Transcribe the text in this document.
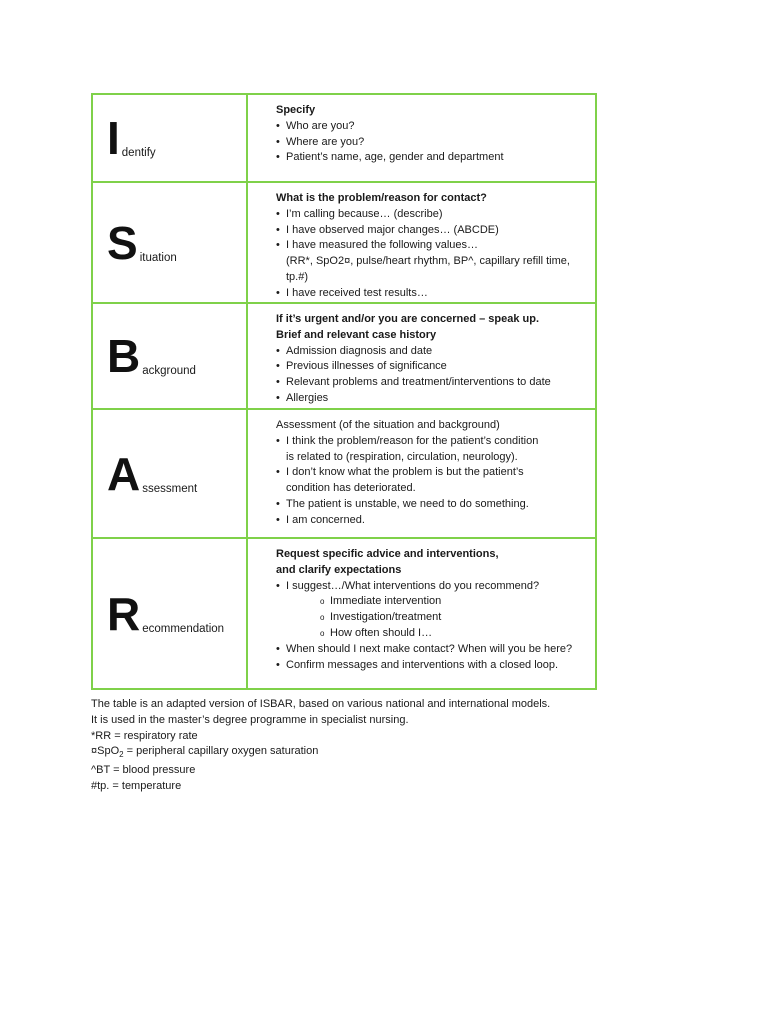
I dentify
Specify
• Who are you?
• Where are you?
• Patient’s name, age, gender and department
S ituation
What is the problem/reason for contact?
• I’m calling because… (describe)
• I have observed major changes… (ABCDE)
• I have measured the following values…
(RR*, SpO2¤, pulse/heart rhythm, BP^, capillary refill time, tp.#)
• I have received test results…
B ackground
If it’s urgent and/or you are concerned – speak up.
Brief and relevant case history
• Admission diagnosis and date
• Previous illnesses of significance
• Relevant problems and treatment/interventions to date
• Allergies
A ssessment
Assessment (of the situation and background)
• I think the problem/reason for the patient’s condition
is related to (respiration, circulation, neurology).
• I don’t know what the problem is but the patient’s
condition has deteriorated.
• The patient is unstable, we need to do something.
• I am concerned.
R ecommendation
Request specific advice and interventions,
and clarify expectations
• I suggest…/What interventions do you recommend?
o Immediate intervention
o Investigation/treatment
o How often should I…
• When should I next make contact? When will you be here?
• Confirm messages and interventions with a closed loop.

The table is an adapted version of ISBAR, based on various national and international models.

It is used in the master’s degree programme in specialist nursing.

*RR = respiratory rate

¤SpO$_2$ = peripheral capillary oxygen saturation

^BT = blood pressure

#tp. = temperature
